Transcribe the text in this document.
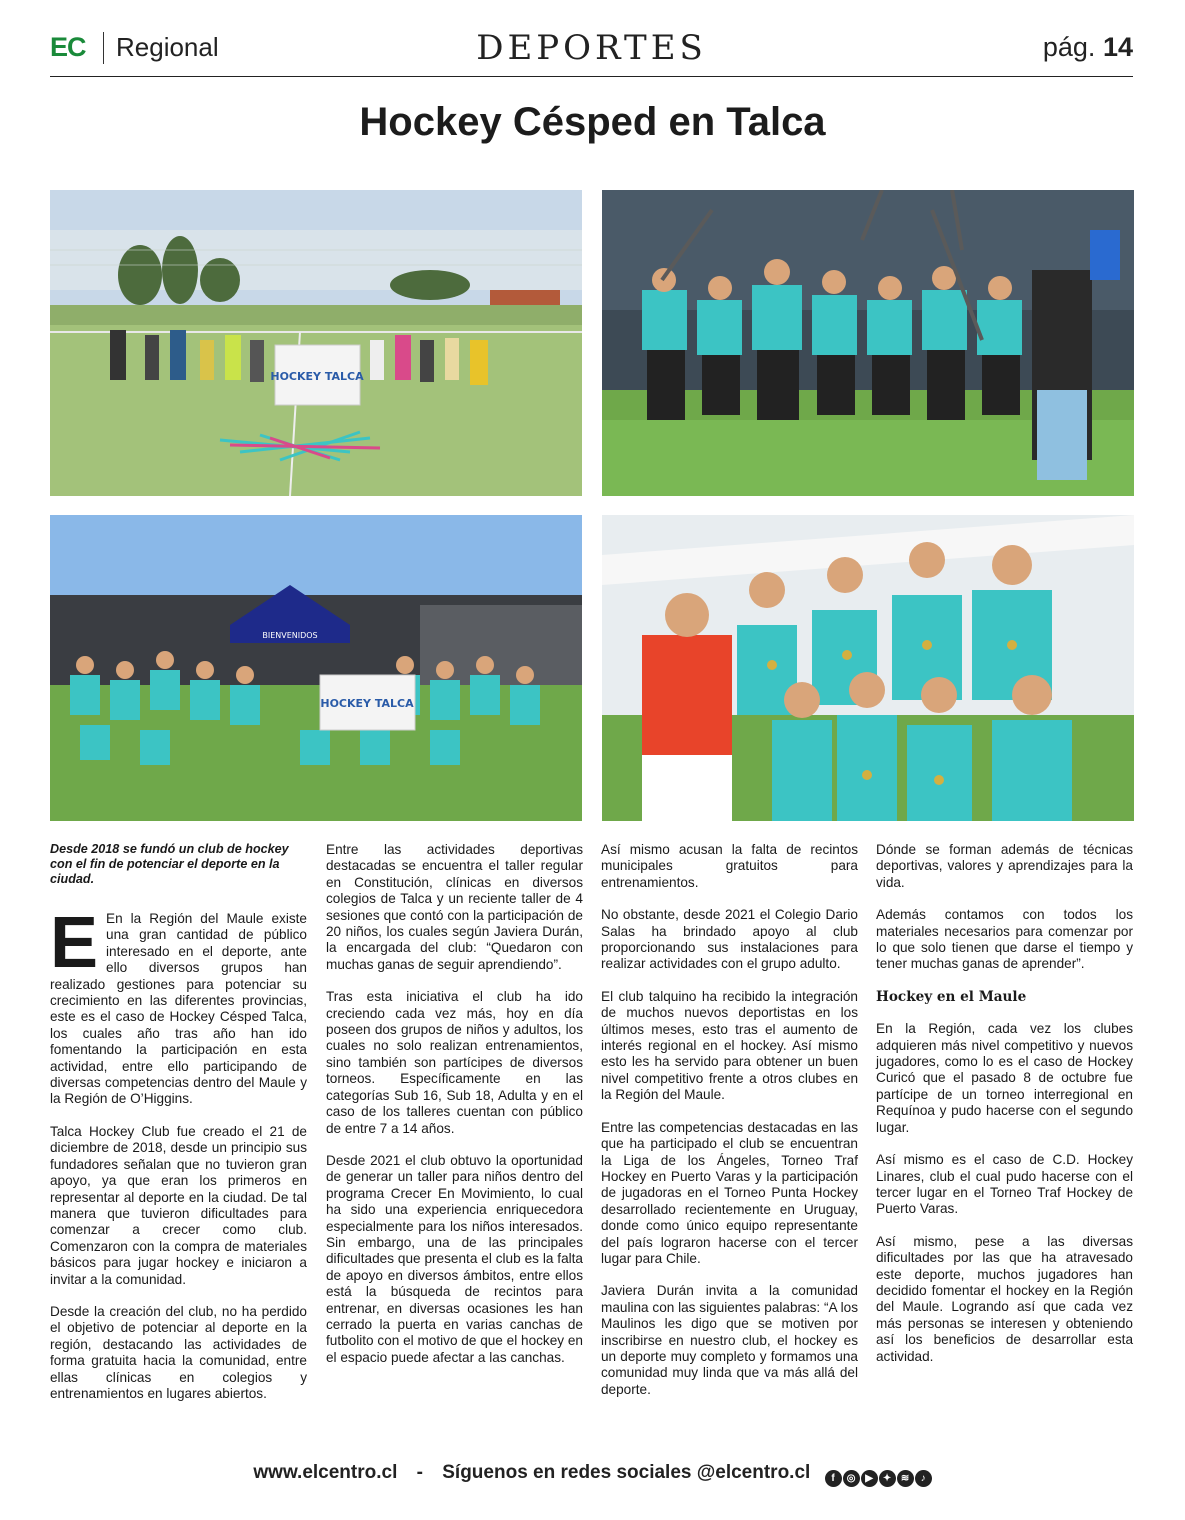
EC Regional	DEPORTES	pág. 14
Hockey Césped en Talca
HOCKEY TALCA
BIENVENIDOS
HOCKEY TALCA

Desde 2018 se fundó un club de hockey con el fin de potenciar el deporte en la ciudad.

E En la Región del Maule existe una gran cantidad de público interesado en el deporte, ante ello diversos grupos han realizado gestiones para potenciar su crecimiento en las diferentes provincias, este es el caso de Hockey Césped Talca, los cuales año tras año han ido fomentando la participación en esta actividad, entre ello participando de diversas competencias dentro del Maule y la Región de O’Higgins.

Talca Hockey Club fue creado el 21 de diciembre de 2018, desde un principio sus fundadores señalan que no tuvieron gran apoyo, ya que eran los primeros en representar al deporte en la ciudad. De tal manera que tuvieron dificultades para comenzar a crecer como club. Comenzaron con la compra de materiales básicos para jugar hockey e iniciaron a invitar a la comunidad.

Desde la creación del club, no ha perdido el objetivo de potenciar al deporte en la región, destacando las actividades de forma gratuita hacia la comunidad, entre ellas clínicas en colegios y entrenamientos en lugares abiertos.

Entre las actividades deportivas destacadas se encuentra el taller regular en Constitución, clínicas en diversos colegios de Talca y un reciente taller de 4 sesiones que contó con la participación de 20 niños, los cuales según Javiera Durán, la encargada del club: “Quedaron con muchas ganas de seguir aprendiendo”.

Tras esta iniciativa el club ha ido creciendo cada vez más, hoy en día poseen dos grupos de niños y adultos, los cuales no solo realizan entrenamientos, sino también son partícipes de diversos torneos. Específicamente en las categorías Sub 16, Sub 18, Adulta y en el caso de los talleres cuentan con público de entre 7 a 14 años.

Desde 2021 el club obtuvo la oportunidad de generar un taller para niños dentro del programa Crecer En Movimiento, lo cual ha sido una experiencia enriquecedora especialmente para los niños interesados. Sin embargo, una de las principales dificultades que presenta el club es la falta de apoyo en diversos ámbitos, entre ellos está la búsqueda de recintos para entrenar, en diversas ocasiones les han cerrado la puerta en varias canchas de futbolito con el motivo de que el hockey en el espacio puede afectar a las canchas.

Así mismo acusan la falta de recintos municipales gratuitos para entrenamientos.

No obstante, desde 2021 el Colegio Dario Salas ha brindado apoyo al club proporcionando sus instalaciones para realizar actividades con el grupo adulto.

El club talquino ha recibido la integración de muchos nuevos deportistas en los últimos meses, esto tras el aumento de interés regional en el hockey. Así mismo esto les ha servido para obtener un buen nivel competitivo frente a otros clubes en la Región del Maule.

Entre las competencias destacadas en las que ha participado el club se encuentran la Liga de los Ángeles, Torneo Traf Hockey en Puerto Varas y la participación de jugadoras en el Torneo Punta Hockey desarrollado recientemente en Uruguay, donde como único equipo representante del país lograron hacerse con el tercer lugar para Chile.

Javiera Durán invita a la comunidad maulina con las siguientes palabras: “A los Maulinos les digo que se motiven por inscribirse en nuestro club, el hockey es un deporte muy completo y formamos una comunidad muy linda que va más allá del deporte.

Dónde se forman además de técnicas deportivas, valores y aprendizajes para la vida.

Además contamos con todos los materiales necesarios para comenzar por lo que solo tienen que darse el tiempo y tener muchas ganas de aprender”.

Hockey en el Maule

En la Región, cada vez los clubes adquieren más nivel competitivo y nuevos jugadores, como lo es el caso de Hockey Curicó que el pasado 8 de octubre fue partícipe de un torneo interregional en Requínoa y pudo hacerse con el segundo lugar.

Así mismo es el caso de C.D. Hockey Linares, club el cual pudo hacerse con el tercer lugar en el Torneo Traf Hockey de Puerto Varas.

Así mismo, pese a las diversas dificultades por las que ha atravesado este deporte, muchos jugadores han decidido fomentar el hockey en la Región del Maule. Logrando así que cada vez más personas se interesen y obteniendo así los beneficios de desarrollar esta actividad.

www.elcentro.cl - Síguenos en redes sociales @elcentro.cl f ◎ ▶ ✦ ≋ ♪
